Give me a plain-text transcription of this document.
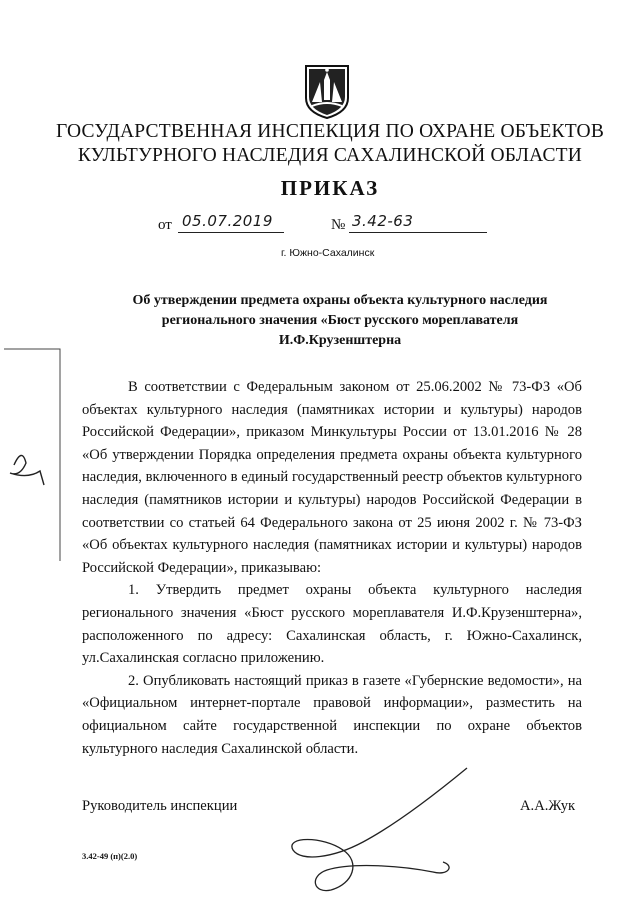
ГОСУДАРСТВЕННАЯ ИНСПЕКЦИЯ ПО ОХРАНЕ ОБЪЕКТОВ
КУЛЬТУРНОГО НАСЛЕДИЯ САХАЛИНСКОЙ ОБЛАСТИ
ПРИКАЗ
от 05.07.2019	№ 3.42-63
г. Южно-Сахалинск
Об утверждении предмета охраны объекта культурного наследия
регионального значения «Бюст русского мореплавателя
И.Ф.Крузенштерна

В соответствии с Федеральным законом от 25.06.2002 № 73-ФЗ «Об объектах культурного наследия (памятниках истории и культуры) народов Российской Федерации», приказом Минкультуры России от 13.01.2016 № 28 «Об утверждении Порядка определения предмета охраны объекта культурного наследия, включенного в единый государственный реестр объектов культурного наследия (памятников истории и культуры) народов Российской Федерации в соответствии со статьей 64 Федерального закона от 25 июня 2002 г. № 73-ФЗ «Об объектах культурного наследия (памятниках истории и культуры) народов Российской Федерации», приказываю:

1. Утвердить предмет охраны объекта культурного наследия регионального значения «Бюст русского мореплавателя И.Ф.Крузенштерна», расположенного по адресу: Сахалинская область, г. Южно-Сахалинск, ул.Сахалинская согласно приложению.

2. Опубликовать настоящий приказ в газете «Губернские ведомости», на «Официальном интернет-портале правовой информации», разместить на официальном сайте государственной инспекции по охране объектов культурного наследия Сахалинской области.

Руководитель инспекции	А.А.Жук
3.42-49 (п)(2.0)
